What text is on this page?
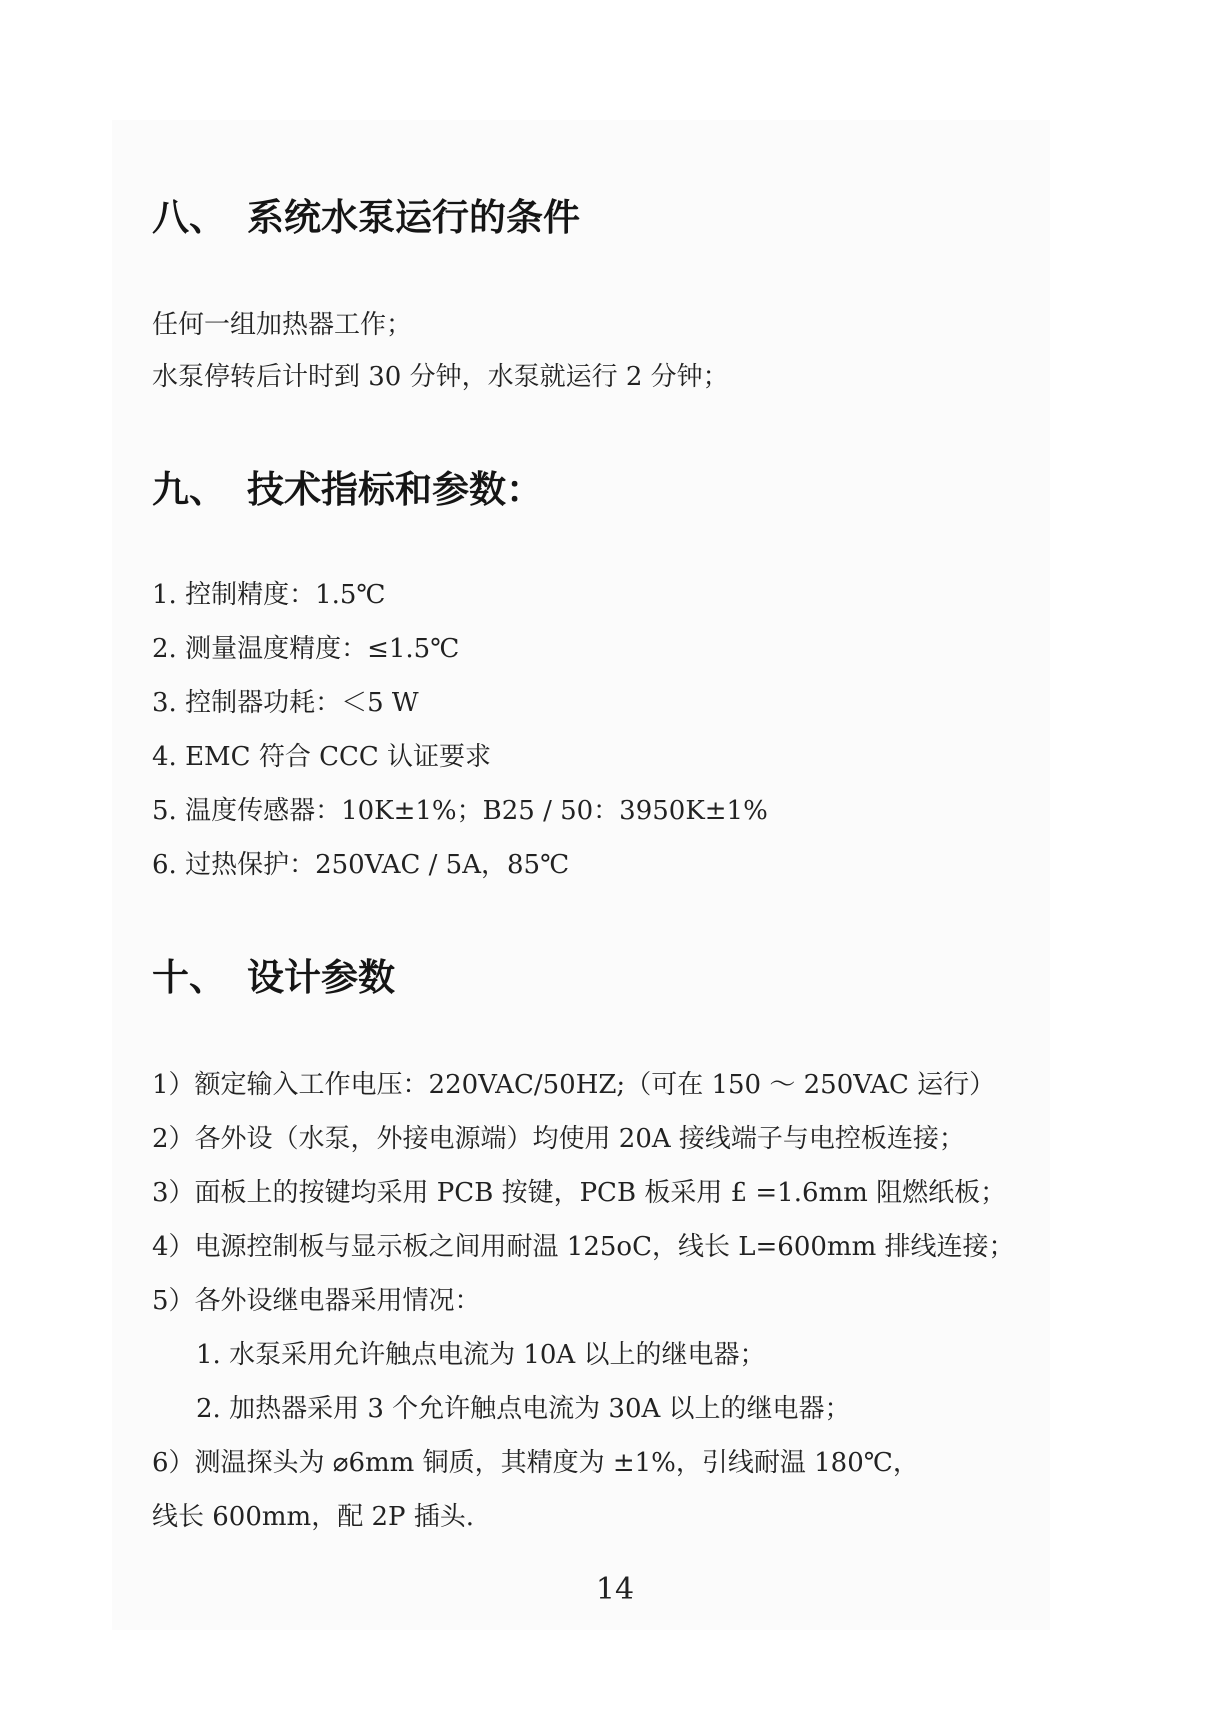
八、 系统水泵运行的条件

任何一组加热器工作；

水泵停转后计时到 30 分钟，水泵就运行 2 分钟；

九、 技术指标和参数：

1. 控制精度：1.5℃

2. 测量温度精度：≤1.5℃

3. 控制器功耗：＜5 W

4. EMC 符合 CCC 认证要求

5. 温度传感器：10K±1%；B25 / 50：3950K±1%

6. 过热保护：250VAC / 5A，85℃

十、 设计参数

1）额定输入工作电压：220VAC/50HZ;（可在 150 ～ 250VAC 运行）

2）各外设（水泵，外接电源端）均使用 20A 接线端子与电控板连接；

3）面板上的按键均采用 PCB 按键，PCB 板采用 £ =1.6mm 阻燃纸板；

4）电源控制板与显示板之间用耐温 125oC，线长 L=600mm 排线连接；

5）各外设继电器采用情况：

1. 水泵采用允许触点电流为 10A 以上的继电器；

2. 加热器采用 3 个允许触点电流为 30A 以上的继电器；

6）测温探头为 ⌀6mm 铜质，其精度为 ±1%，引线耐温 180℃，

线长 600mm，配 2P 插头.

14
